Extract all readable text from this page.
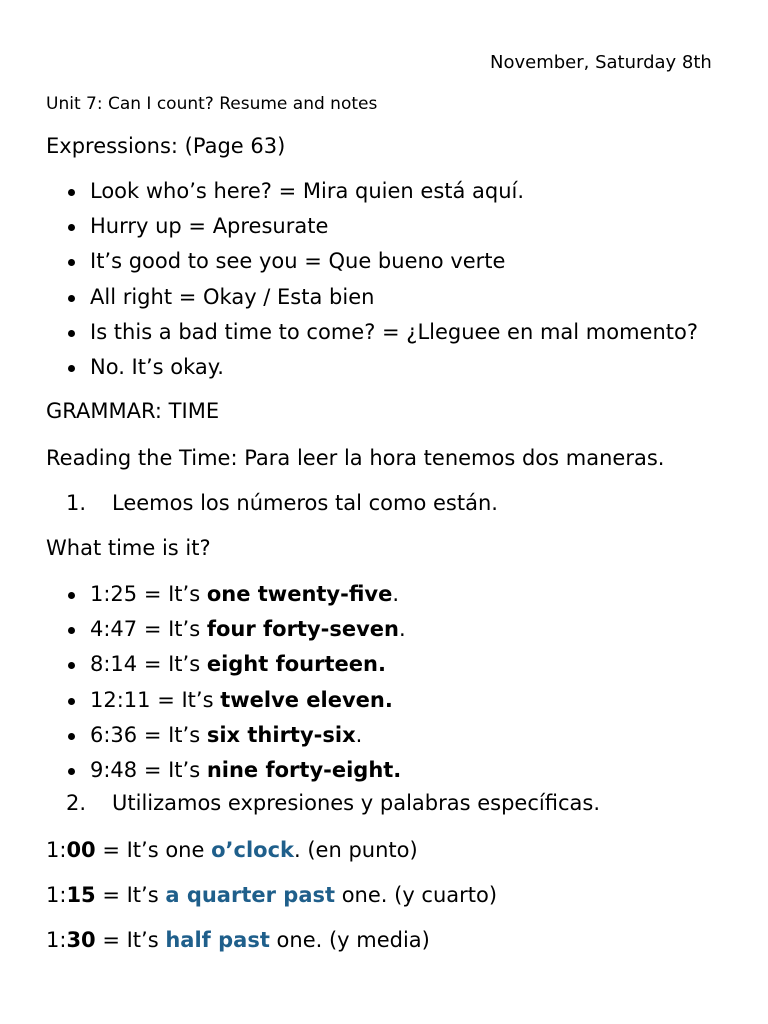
November, Saturday 8th
Unit 7: Can I count? Resume and notes
Expressions: (Page 63)
Look who’s here? = Mira quien está aquí.
Hurry up = Apresurate
It’s good to see you = Que bueno verte
All right = Okay / Esta bien
Is this a bad time to come? = ¿Lleguee en mal momento?
No. It’s okay.
GRAMMAR: TIME
Reading the Time: Para leer la hora tenemos dos maneras.
1. Leemos los números tal como están.
What time is it?
1:25 = It’s one twenty-five.
4:47 = It’s four forty-seven.
8:14 = It’s eight fourteen.
12:11 = It’s twelve eleven.
6:36 = It’s six thirty-six.
9:48 = It’s nine forty-eight.
2. Utilizamos expresiones y palabras específicas.
1:00 = It’s one o’clock. (en punto)
1:15 = It’s a quarter past one. (y cuarto)
1:30 = It’s half past one. (y media)
